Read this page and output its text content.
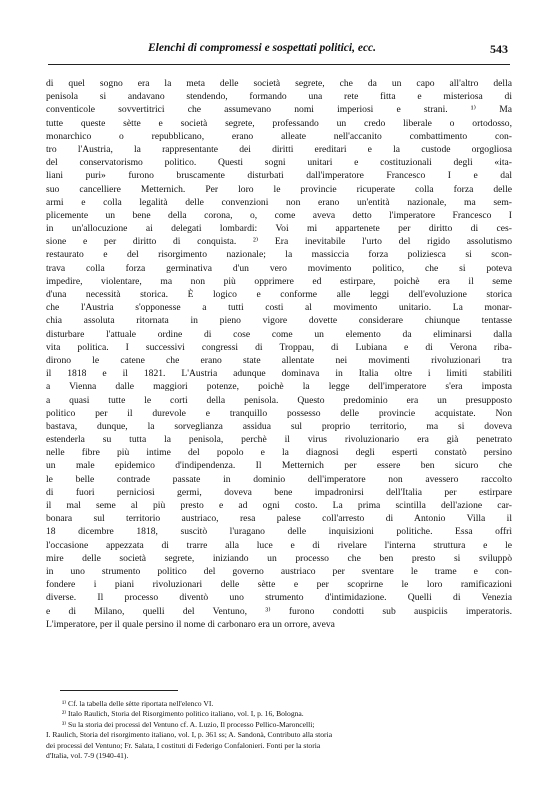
Elenchi di compromessi e sospettati politici, ecc.	543
di quel sogno era la meta delle società segrete, che da un capo all'altro della
penisola si andavano stendendo, formando una rete fitta e misteriosa di
conventicole sovvertitrici che assumevano nomi imperiosi e strani. ¹⁾ Ma
tutte queste sètte e società segrete, professando un credo liberale o ortodosso,
monarchico o repubblicano, erano alleate nell'accanito combattimento con-
tro l'Austria, la rappresentante dei diritti ereditari e la custode orgogliosa
del conservatorismo politico. Questi sogni unitari e costituzionali degli «ita-
liani puri» furono bruscamente disturbati dall'imperatore Francesco I e dal
suo cancelliere Metternich. Per loro le provincie ricuperate colla forza delle
armi e colla legalità delle convenzioni non erano un'entità nazionale, ma sem-
plicemente un bene della corona, o, come aveva detto l'imperatore Francesco I
in un'allocuzione ai delegati lombardi: Voi mi appartenete per diritto di ces-
sione e per diritto di conquista. ²⁾ Era inevitabile l'urto del rigido assolutismo
restaurato e del risorgimento nazionale; la massiccia forza poliziesca si scon-
trava colla forza germinativa d'un vero movimento politico, che si poteva
impedire, violentare, ma non più opprimere ed estirpare, poichè era il seme
d'una necessità storica. È logico e conforme alle leggi dell'evoluzione storica
che l'Austria s'opponesse a tutti costi al movimento unitario. La monar-
chia assoluta ritornata in pieno vigore dovette considerare chiunque tentasse
disturbare l'attuale ordine di cose come un elemento da eliminarsi dalla
vita politica. I successivi congressi di Troppau, di Lubiana e di Verona riba-
dirono le catene che erano state allentate nei movimenti rivoluzionari tra
il 1818 e il 1821. L'Austria adunque dominava in Italia oltre i limiti stabiliti
a Vienna dalle maggiori potenze, poichè la legge dell'imperatore s'era imposta
a quasi tutte le corti della penisola. Questo predominio era un presupposto
politico per il durevole e tranquillo possesso delle provincie acquistate. Non
bastava, dunque, la sorveglianza assidua sul proprio territorio, ma si doveva
estenderla su tutta la penisola, perchè il virus rivoluzionario era già penetrato
nelle fibre più intime del popolo e la diagnosi degli esperti constatò persino
un male epidemico d'indipendenza. Il Metternich per essere ben sicuro che
le belle contrade passate in dominio dell'imperatore non avessero raccolto
di fuori perniciosi germi, doveva bene impadronirsi dell'Italia per estirpare
il mal seme al più presto e ad ogni costo. La prima scintilla dell'azione car-
bonara sul territorio austriaco, resa palese coll'arresto di Antonio Villa il
18 dicembre 1818, suscitò l'uragano delle inquisizioni politiche. Essa offrì
l'occasione appezzata di trarre alla luce e di rivelare l'interna struttura e le
mire delle società segrete, iniziando un processo che ben presto si sviluppò
in uno strumento politico del governo austriaco per sventare le trame e con-
fondere i piani rivoluzionari delle sètte e per scoprirne le loro ramificazioni
diverse. Il processo diventò uno strumento d'intimidazione. Quelli di Venezia
e di Milano, quelli del Ventuno, ³⁾ furono condotti sub auspiciis imperatoris.
L'imperatore, per il quale persino il nome di carbonaro era un orrore, aveva
¹⁾ Cf. la tabella delle sètte riportata nell'elenco VI.
²⁾ Italo Raulich, Storia del Risorgimento politico italiano, vol. I, p. 16, Bologna.
³⁾ Su la storia dei processi del Ventuno cf. A. Luzio, Il processo Pellico-Maroncelli;
I. Raulich, Storia del risorgimento italiano, vol. I, p. 361 ss; A. Sandonà, Contributo alla storia
dei processi del Ventuno; Fr. Salata, I costituti di Federigo Confalonieri. Fonti per la storia
d'Italia, vol. 7-9 (1940-41).
